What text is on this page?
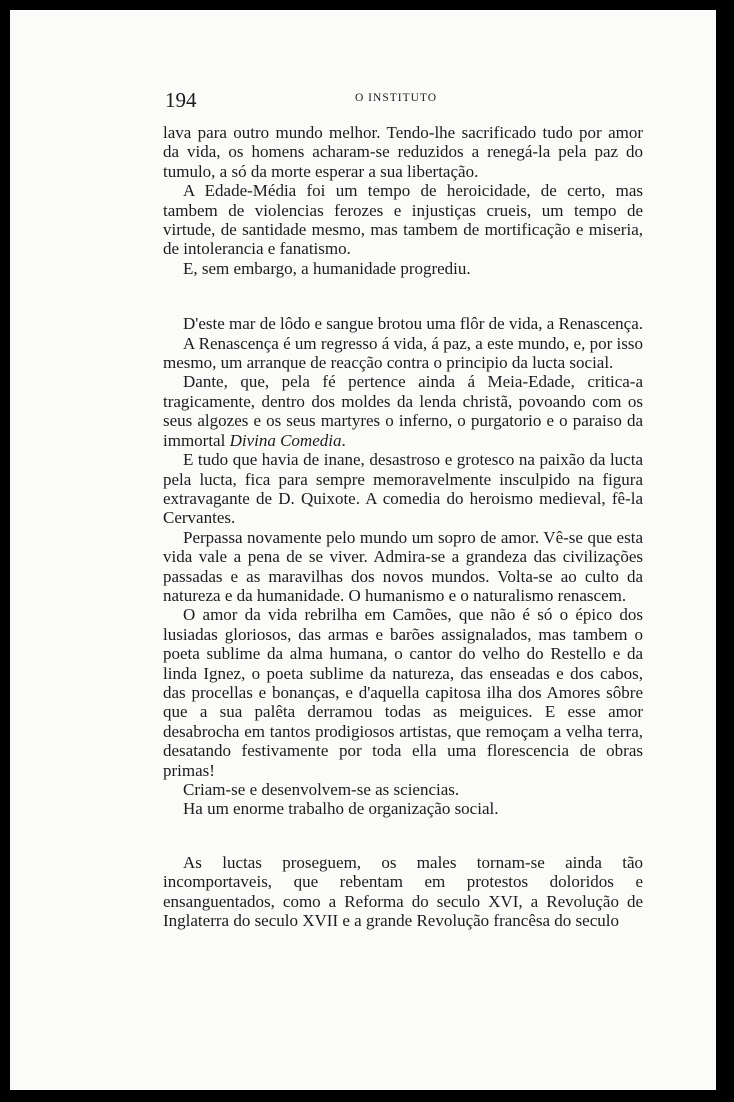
194	O INSTITUTO

lava para outro mundo melhor. Tendo-lhe sacrificado tudo por amor da vida, os homens acharam-se reduzidos a renegá-la pela paz do tumulo, a só da morte esperar a sua libertação.

A Edade-Média foi um tempo de heroicidade, de certo, mas tambem de violencias ferozes e injustiças crueis, um tempo de virtude, de santidade mesmo, mas tambem de mortificação e miseria, de intolerancia e fanatismo.

E, sem embargo, a humanidade progrediu.

D'este mar de lôdo e sangue brotou uma flôr de vida, a Renascença.

A Renascença é um regresso á vida, á paz, a este mundo, e, por isso mesmo, um arranque de reacção contra o principio da lucta social.

Dante, que, pela fé pertence ainda á Meia-Edade, critica-a tragicamente, dentro dos moldes da lenda christã, povoando com os seus algozes e os seus martyres o inferno, o purgatorio e o paraiso da immortal Divina Comedia.

E tudo que havia de inane, desastroso e grotesco na paixão da lucta pela lucta, fica para sempre memoravelmente insculpido na figura extravagante de D. Quixote. A comedia do heroismo medieval, fê-la Cervantes.

Perpassa novamente pelo mundo um sopro de amor. Vê-se que esta vida vale a pena de se viver. Admira-se a grandeza das civilizações passadas e as maravilhas dos novos mundos. Volta-se ao culto da natureza e da humanidade. O humanismo e o naturalismo renascem.

O amor da vida rebrilha em Camões, que não é só o épico dos lusiadas gloriosos, das armas e barões assignalados, mas tambem o poeta sublime da alma humana, o cantor do velho do Restello e da linda Ignez, o poeta sublime da natureza, das enseadas e dos cabos, das procellas e bonanças, e d'aquella capitosa ilha dos Amores sôbre que a sua palêta derramou todas as meiguices. E esse amor desabrocha em tantos prodigiosos artistas, que remoçam a velha terra, desatando festivamente por toda ella uma florescencia de obras primas!

Criam-se e desenvolvem-se as sciencias.

Ha um enorme trabalho de organização social.

As luctas proseguem, os males tornam-se ainda tão incomportaveis, que rebentam em protestos doloridos e ensanguentados, como a Reforma do seculo XVI, a Revolução de Inglaterra do seculo XVII e a grande Revolução francêsa do seculo
